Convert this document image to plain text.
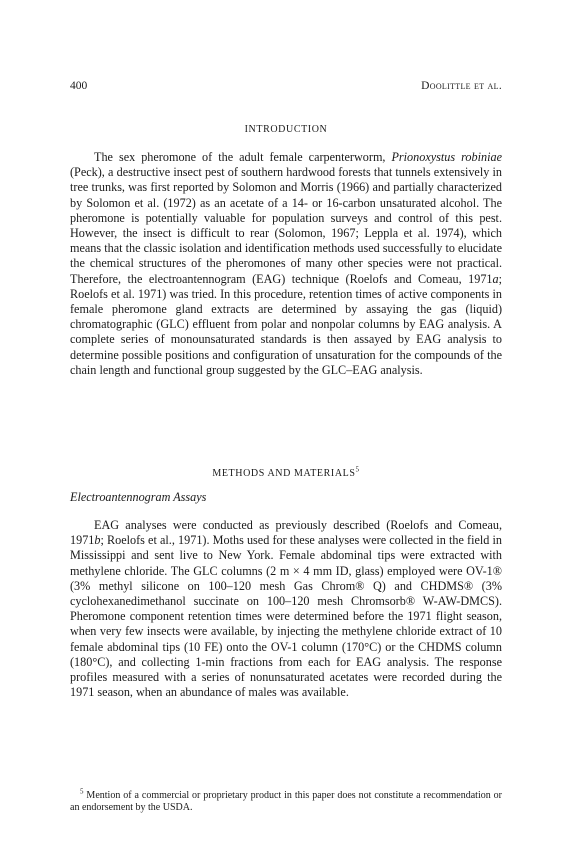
400	Doolittle et al.
INTRODUCTION

The sex pheromone of the adult female carpenterworm, Prionoxystus robiniae (Peck), a destructive insect pest of southern hardwood forests that tunnels extensively in tree trunks, was first reported by Solomon and Morris (1966) and partially characterized by Solomon et al. (1972) as an acetate of a 14- or 16-carbon unsaturated alcohol. The pheromone is potentially valuable for population surveys and control of this pest. However, the insect is difficult to rear (Solomon, 1967; Leppla et al. 1974), which means that the classic isolation and identification methods used successfully to elucidate the chemical structures of the pheromones of many other species were not practical. Therefore, the electroantennogram (EAG) technique (Roelofs and Comeau, 1971a; Roelofs et al. 1971) was tried. In this procedure, retention times of active components in female pheromone gland extracts are determined by assaying the gas (liquid) chromatographic (GLC) effluent from polar and nonpolar columns by EAG analysis. A complete series of monounsaturated standards is then assayed by EAG analysis to determine possible positions and configuration of unsaturation for the compounds of the chain length and functional group suggested by the GLC–EAG analysis.

METHODS AND MATERIALS$^5$
Electroantennogram Assays

EAG analyses were conducted as previously described (Roelofs and Comeau, 1971b; Roelofs et al., 1971). Moths used for these analyses were collected in the field in Mississippi and sent live to New York. Female abdominal tips were extracted with methylene chloride. The GLC columns (2 m × 4 mm ID, glass) employed were OV-1® (3% methyl silicone on 100–120 mesh Gas Chrom® Q) and CHDMS® (3% cyclohexanedimethanol succinate on 100–120 mesh Chromsorb® W-AW-DMCS). Pheromone component retention times were determined before the 1971 flight season, when very few insects were available, by injecting the methylene chloride extract of 10 female abdominal tips (10 FE) onto the OV-1 column (170°C) or the CHDMS column (180°C), and collecting 1-min fractions from each for EAG analysis. The response profiles measured with a series of nonunsaturated acetates were recorded during the 1971 season, when an abundance of males was available.

$^5$ Mention of a commercial or proprietary product in this paper does not constitute a recommendation or an endorsement by the USDA.
